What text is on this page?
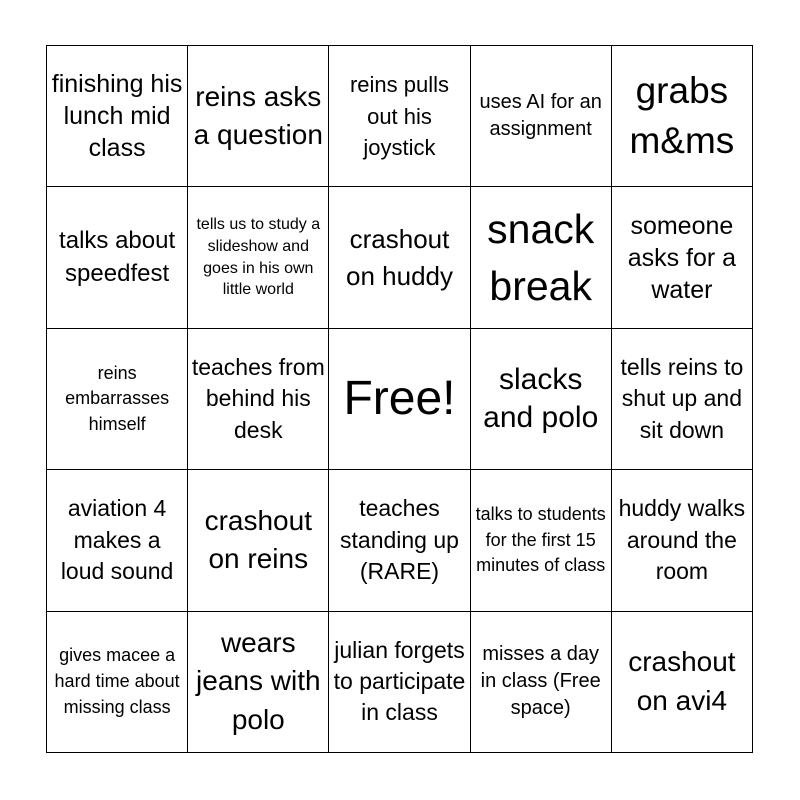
finishing his lunch mid class
reins asks a question
reins pulls out his joystick
uses AI for an assignment
grabs m&ms
talks about speedfest
tells us to study a slideshow and goes in his own little world
crashout on huddy
snack break
someone asks for a water
reins embarrasses himself
teaches from behind his desk
Free!	slacks and polo
tells reins to shut up and sit down
aviation 4 makes a loud sound
crashout on reins
teaches standing up (RARE)
talks to students for the first 15 minutes of class
huddy walks around the room
gives macee a hard time about missing class
wears jeans with polo
julian forgets to participate in class
misses a day in class (Free space)
crashout on avi4
